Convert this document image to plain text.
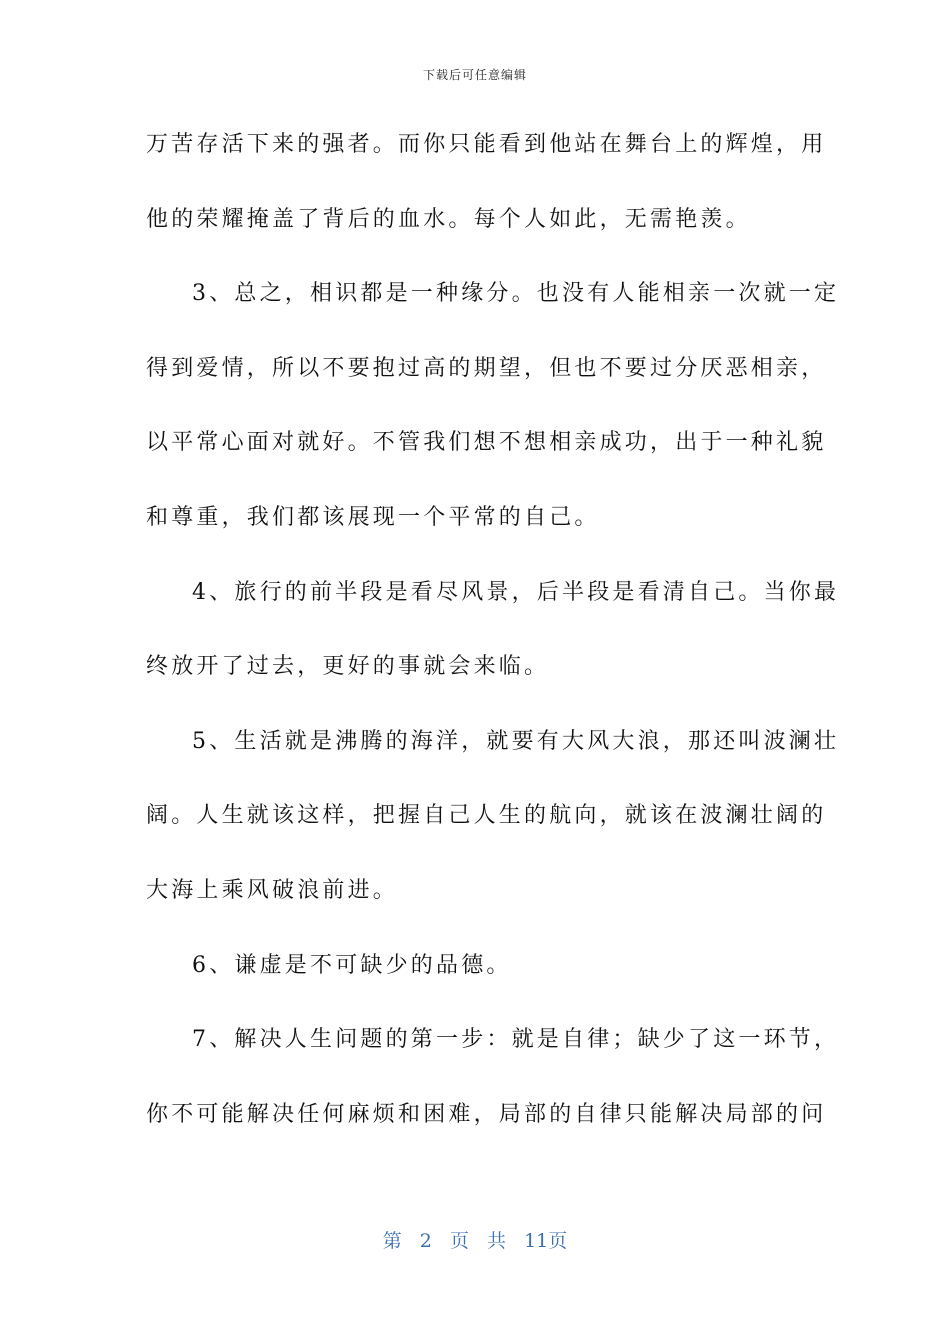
下载后可任意编辑
万苦存活下来的强者。而你只能看到他站在舞台上的辉煌，用
他的荣耀掩盖了背后的血水。每个人如此，无需艳羡。
3、总之，相识都是一种缘分。也没有人能相亲一次就一定
得到爱情，所以不要抱过高的期望，但也不要过分厌恶相亲，
以平常心面对就好。不管我们想不想相亲成功，出于一种礼貌
和尊重，我们都该展现一个平常的自己。
4、旅行的前半段是看尽风景，后半段是看清自己。当你最
终放开了过去，更好的事就会来临。
5、生活就是沸腾的海洋，就要有大风大浪，那还叫波澜壮
阔。人生就该这样，把握自己人生的航向，就该在波澜壮阔的
大海上乘风破浪前进。
6、谦虚是不可缺少的品德。
7、解决人生问题的第一步：就是自律；缺少了这一环节，
你不可能解决任何麻烦和困难，局部的自律只能解决局部的问
第 2 页 共 11页
